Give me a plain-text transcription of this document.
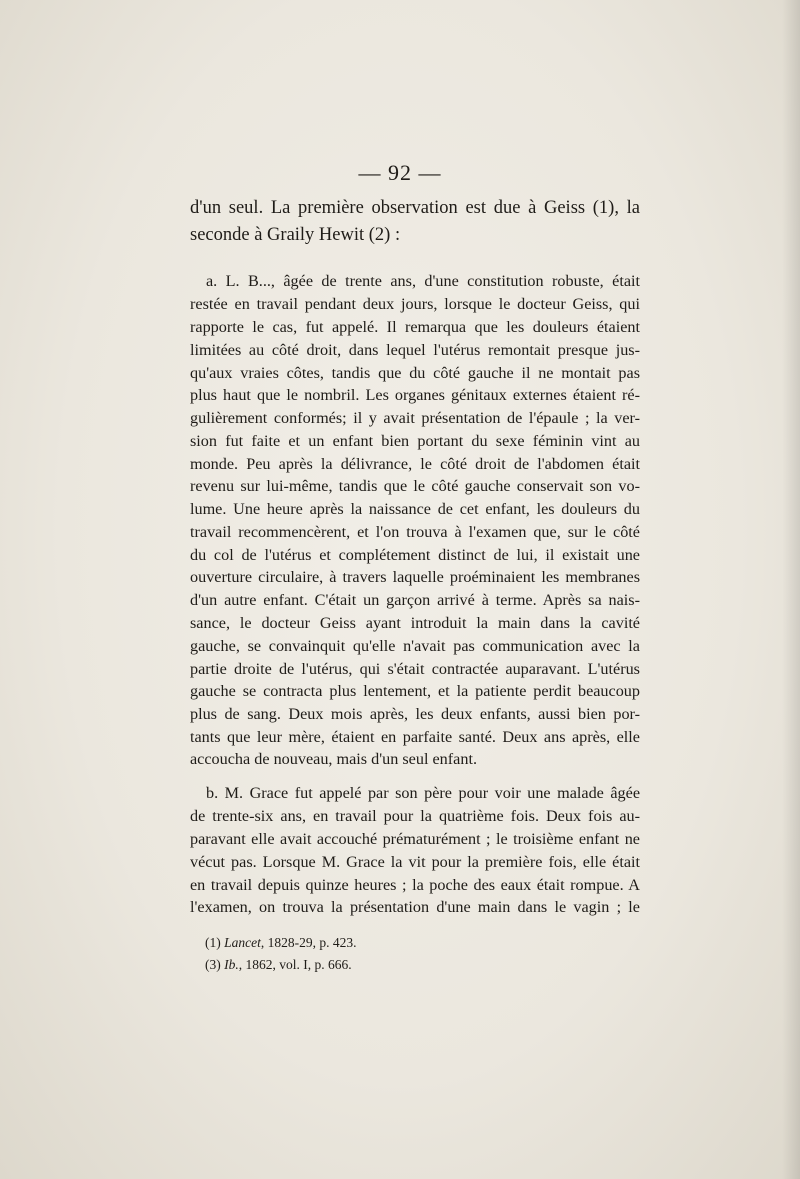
— 92 —
d'un seul. La première observation est due à Geiss (1), la
seconde à Graily Hewit (2) :
a. L. B..., âgée de trente ans, d'une constitution robuste, était
restée en travail pendant deux jours, lorsque le docteur Geiss, qui
rapporte le cas, fut appelé. Il remarqua que les douleurs étaient
limitées au côté droit, dans lequel l'utérus remontait presque jus-
qu'aux vraies côtes, tandis que du côté gauche il ne montait pas
plus haut que le nombril. Les organes génitaux externes étaient ré-
gulièrement conformés; il y avait présentation de l'épaule ; la ver-
sion fut faite et un enfant bien portant du sexe féminin vint au
monde. Peu après la délivrance, le côté droit de l'abdomen était
revenu sur lui-même, tandis que le côté gauche conservait son vo-
lume. Une heure après la naissance de cet enfant, les douleurs du
travail recommencèrent, et l'on trouva à l'examen que, sur le côté
du col de l'utérus et complétement distinct de lui, il existait une
ouverture circulaire, à travers laquelle proéminaient les membranes
d'un autre enfant. C'était un garçon arrivé à terme. Après sa nais-
sance, le docteur Geiss ayant introduit la main dans la cavité
gauche, se convainquit qu'elle n'avait pas communication avec la
partie droite de l'utérus, qui s'était contractée auparavant. L'utérus
gauche se contracta plus lentement, et la patiente perdit beaucoup
plus de sang. Deux mois après, les deux enfants, aussi bien por-
tants que leur mère, étaient en parfaite santé. Deux ans après, elle
accoucha de nouveau, mais d'un seul enfant.
b. M. Grace fut appelé par son père pour voir une malade âgée
de trente-six ans, en travail pour la quatrième fois. Deux fois au-
paravant elle avait accouché prématurément ; le troisième enfant ne
vécut pas. Lorsque M. Grace la vit pour la première fois, elle était
en travail depuis quinze heures ; la poche des eaux était rompue. A
l'examen, on trouva la présentation d'une main dans le vagin ; le
(1) Lancet, 1828-29, p. 423.
(3) Ib., 1862, vol. I, p. 666.
